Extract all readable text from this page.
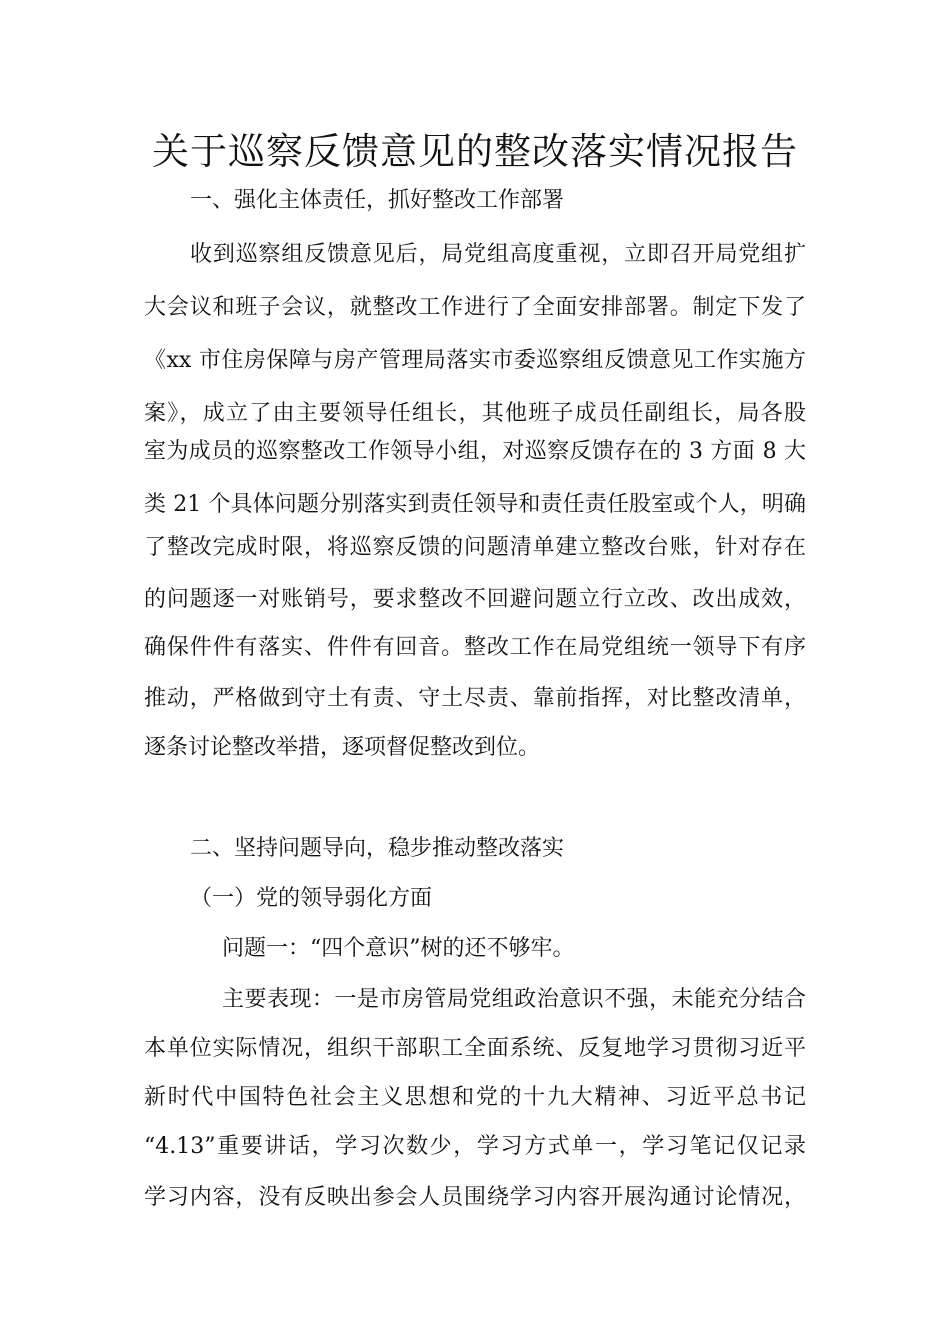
关于巡察反馈意见的整改落实情况报告
一、强化主体责任，抓好整改工作部署
收到巡察组反馈意见后，局党组高度重视，立即召开局党组扩
大会议和班子会议，就整改工作进行了全面安排部署。制定下发了
《xx 市住房保障与房产管理局落实市委巡察组反馈意见工作实施方
案》，成立了由主要领导任组长，其他班子成员任副组长，局各股
室为成员的巡察整改工作领导小组，对巡察反馈存在的 3 方面 8 大
类 21 个具体问题分别落实到责任领导和责任责任股室或个人，明确
了整改完成时限，将巡察反馈的问题清单建立整改台账，针对存在
的问题逐一对账销号，要求整改不回避问题立行立改、改出成效，
确保件件有落实、件件有回音。整改工作在局党组统一领导下有序
推动，严格做到守土有责、守土尽责、靠前指挥，对比整改清单，
逐条讨论整改举措，逐项督促整改到位。
二、坚持问题导向，稳步推动整改落实
（一）党的领导弱化方面
问题一：“四个意识”树的还不够牢。
主要表现：一是市房管局党组政治意识不强，未能充分结合
本单位实际情况，组织干部职工全面系统、反复地学习贯彻习近平
新时代中国特色社会主义思想和党的十九大精神、习近平总书记
“4.13”重要讲话，学习次数少，学习方式单一，学习笔记仅记录
学习内容，没有反映出参会人员围绕学习内容开展沟通讨论情况，
